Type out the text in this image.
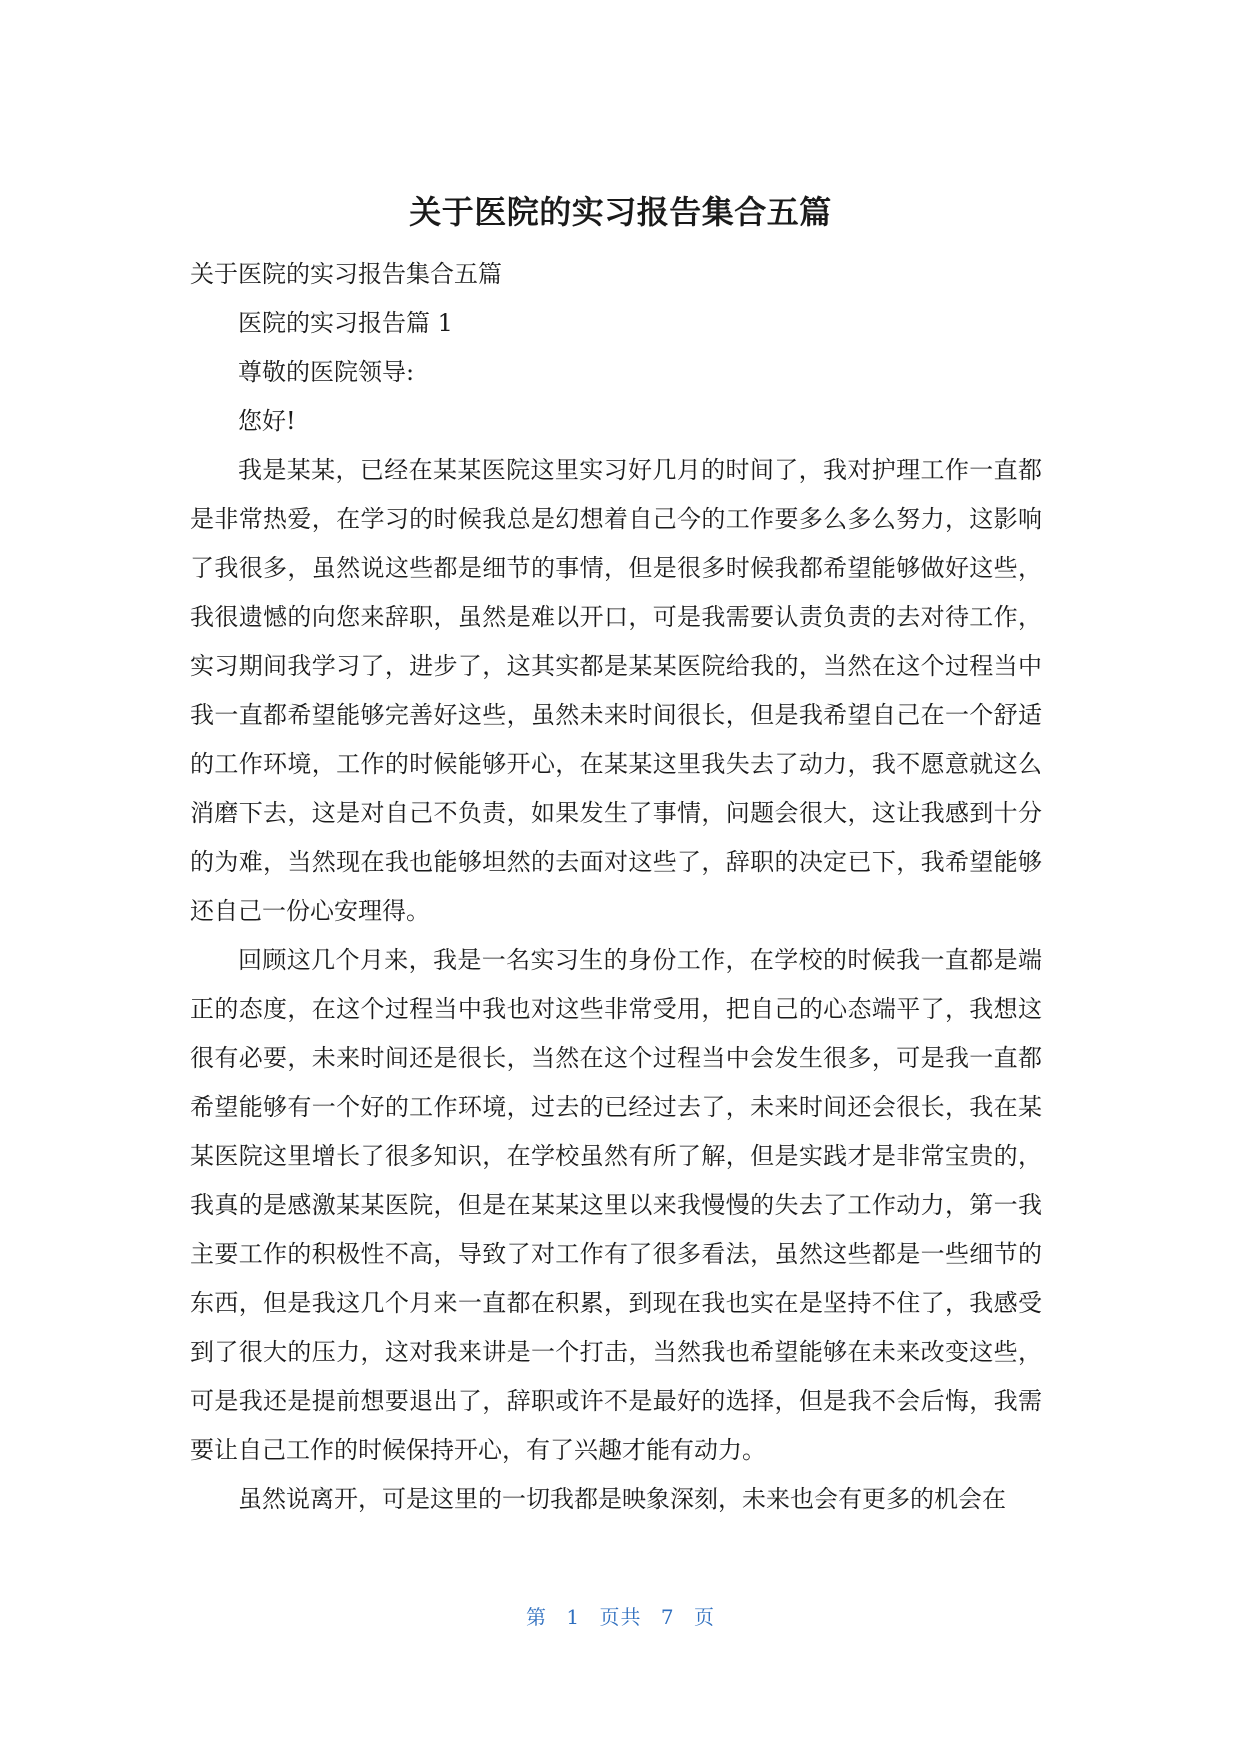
关于医院的实习报告集合五篇

关于医院的实习报告集合五篇

医院的实习报告篇 1

尊敬的医院领导:

您好!

我是某某，已经在某某医院这里实习好几月的时间了，我对护理工作一直都是非常热爱，在学习的时候我总是幻想着自己今的工作要多么多么努力，这影响了我很多，虽然说这些都是细节的事情，但是很多时候我都希望能够做好这些，我很遗憾的向您来辞职，虽然是难以开口，可是我需要认责负责的去对待工作，实习期间我学习了，进步了，这其实都是某某医院给我的，当然在这个过程当中我一直都希望能够完善好这些，虽然未来时间很长，但是我希望自己在一个舒适的工作环境，工作的时候能够开心，在某某这里我失去了动力，我不愿意就这么消磨下去，这是对自己不负责，如果发生了事情，问题会很大，这让我感到十分的为难，当然现在我也能够坦然的去面对这些了，辞职的决定已下，我希望能够还自己一份心安理得。

回顾这几个月来，我是一名实习生的身份工作，在学校的时候我一直都是端正的态度，在这个过程当中我也对这些非常受用，把自己的心态端平了，我想这很有必要，未来时间还是很长，当然在这个过程当中会发生很多，可是我一直都希望能够有一个好的工作环境，过去的已经过去了，未来时间还会很长，我在某某医院这里增长了很多知识，在学校虽然有所了解，但是实践才是非常宝贵的，我真的是感激某某医院，但是在某某这里以来我慢慢的失去了工作动力，第一我主要工作的积极性不高，导致了对工作有了很多看法，虽然这些都是一些细节的东西，但是我这几个月来一直都在积累，到现在我也实在是坚持不住了，我感受到了很大的压力，这对我来讲是一个打击，当然我也希望能够在未来改变这些，可是我还是提前想要退出了，辞职或许不是最好的选择，但是我不会后悔，我需要让自己工作的时候保持开心，有了兴趣才能有动力。

虽然说离开，可是这里的一切我都是映象深刻，未来也会有更多的机会在

第 1 页共 7 页
